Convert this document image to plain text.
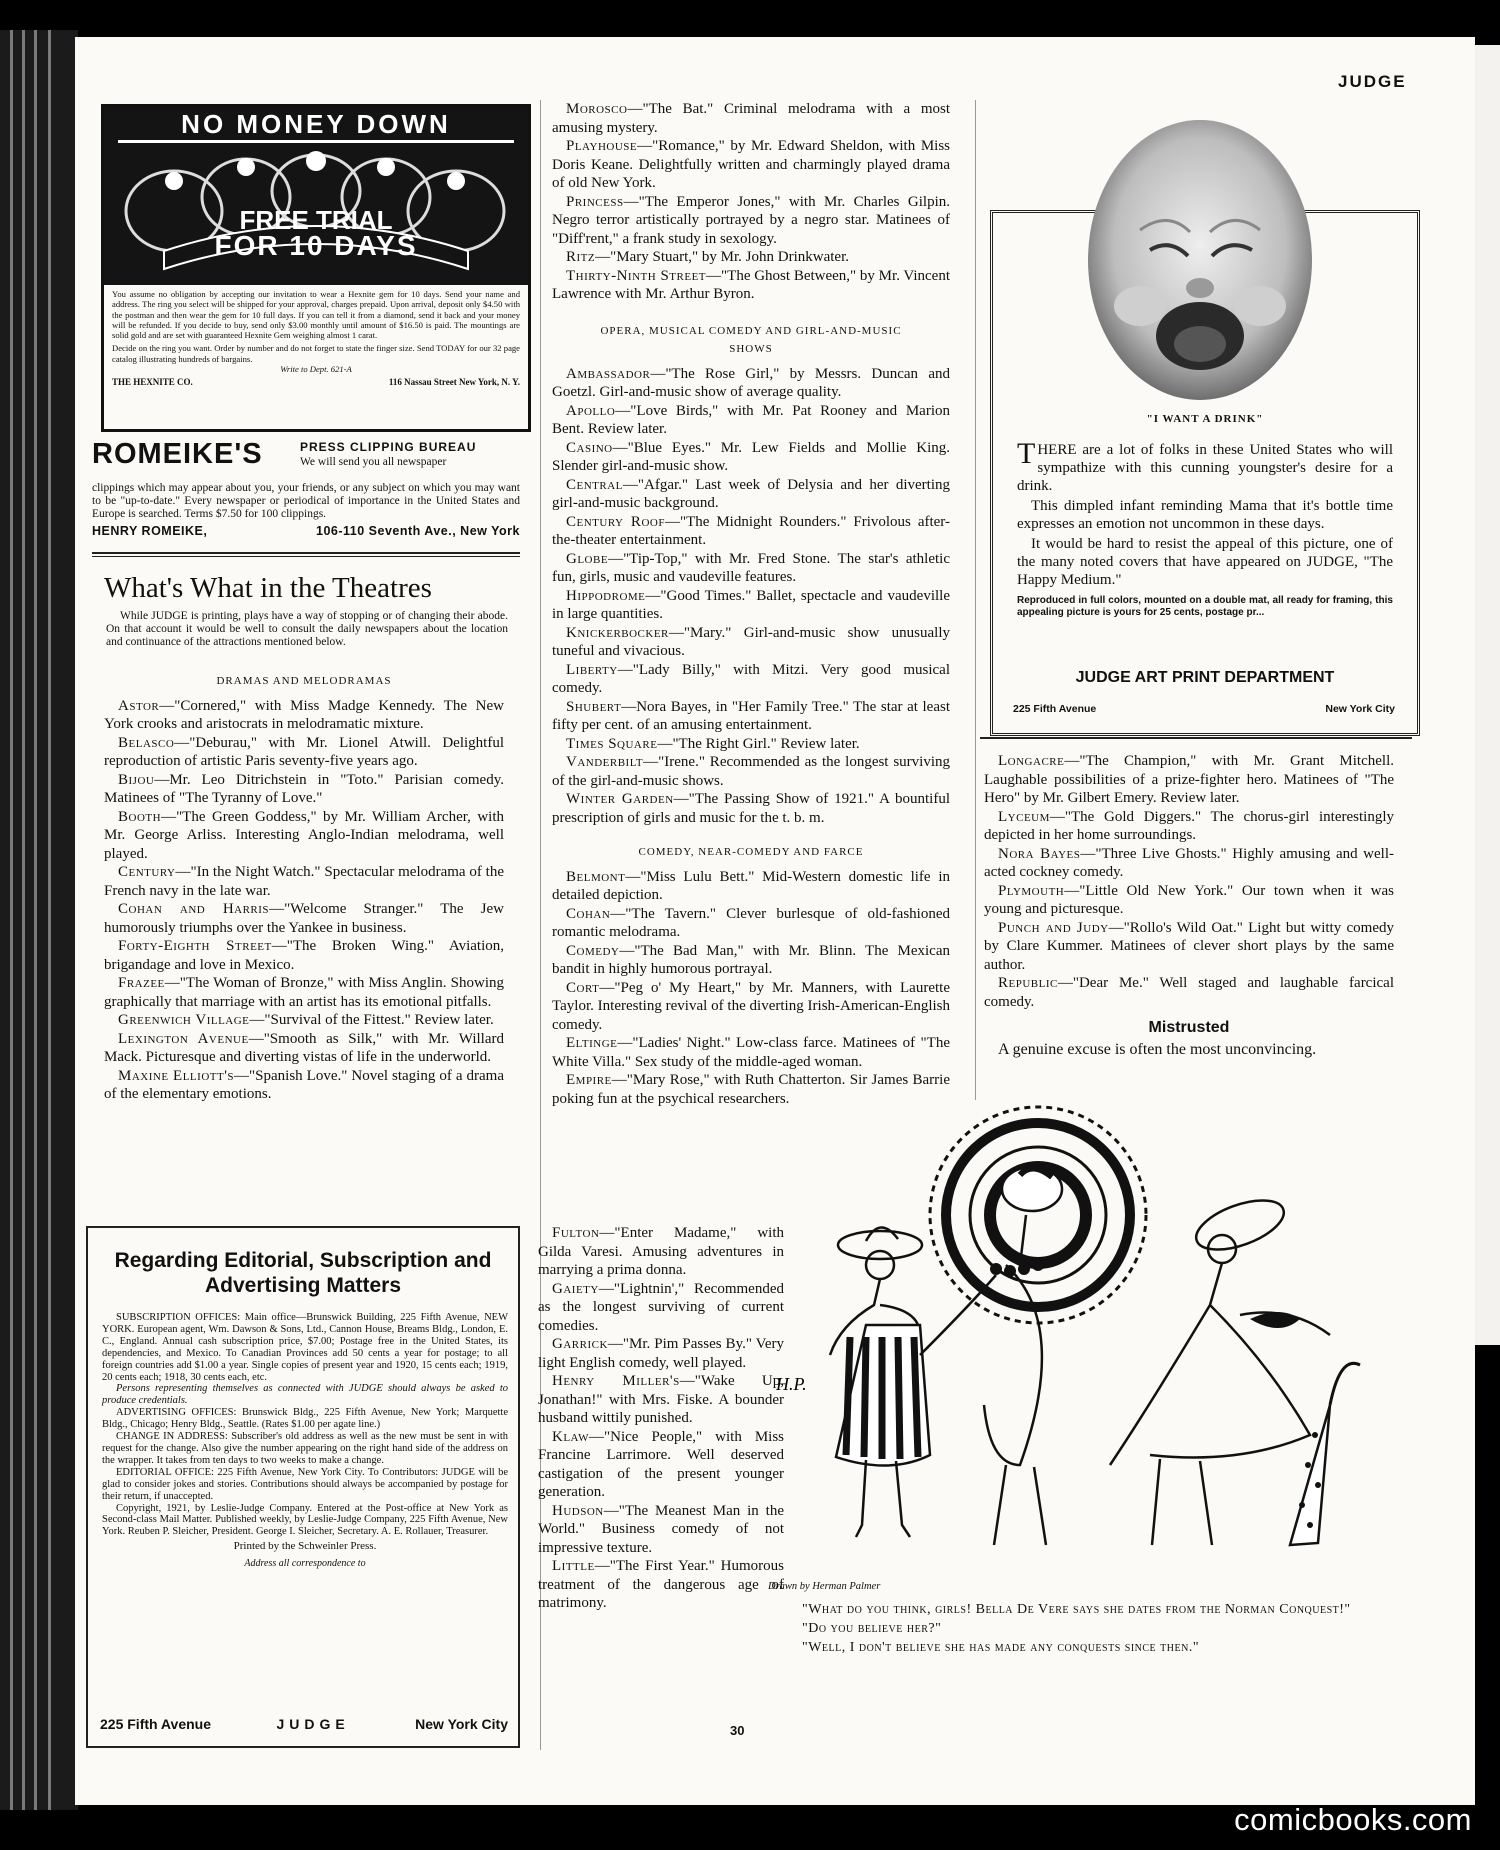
NO MONEY DOWN
FREE TRIAL
FOR 10 DAYS
You assume no obligation by accepting our invitation to wear a Hexnite gem for 10 days. Send your name and address. The ring you select will be shipped for your approval, charges prepaid. Upon arrival, deposit only $4.50 with the postman and then wear the gem for 10 full days. If you can tell it from a diamond, send it back and your money will be refunded. If you decide to buy, send only $3.00 monthly until amount of $16.50 is paid. The mountings are solid gold and are set with guaranteed Hexnite Gem weighing almost 1 carat.
Decide on the ring you want. Order by number and do not forget to state the finger size. Send TODAY for our 32 page catalog illustrating hundreds of bargains.
Write to Dept. 621-A
THE HEXNITE CO.	116 Nassau Street New York, N. Y.
ROMEIKE'S	PRESS CLIPPING BUREAU
We will send you all newspaper
clippings which may appear about you, your friends, or any subject on which you may want to be "up-to-date." Every newspaper or periodical of importance in the United States and Europe is searched. Terms $7.50 for 100 clippings.
HENRY ROMEIKE,	106-110 Seventh Ave., New York
What's What in the Theatres
While JUDGE is printing, plays have a way of stopping or of changing their abode. On that account it would be well to consult the daily newspapers about the location and continuance of the attractions mentioned below.
DRAMAS AND MELODRAMAS

Astor—"Cornered," with Miss Madge Kennedy. The New York crooks and aristocrats in melodramatic mixture.

Belasco—"Deburau," with Mr. Lionel Atwill. Delightful reproduction of artistic Paris seventy-five years ago.

Bijou—Mr. Leo Ditrichstein in "Toto." Parisian comedy. Matinees of "The Tyranny of Love."

Booth—"The Green Goddess," by Mr. William Archer, with Mr. George Arliss. Interesting Anglo-Indian melodrama, well played.

Century—"In the Night Watch." Spectacular melodrama of the French navy in the late war.

Cohan and Harris—"Welcome Stranger." The Jew humorously triumphs over the Yankee in business.

Forty-Eighth Street—"The Broken Wing." Aviation, brigandage and love in Mexico.

Frazee—"The Woman of Bronze," with Miss Anglin. Showing graphically that marriage with an artist has its emotional pitfalls.

Greenwich Village—"Survival of the Fittest." Review later.

Lexington Avenue—"Smooth as Silk," with Mr. Willard Mack. Picturesque and diverting vistas of life in the underworld.

Maxine Elliott's—"Spanish Love." Novel staging of a drama of the elementary emotions.

Regarding Editorial, Subscription and Advertising Matters
SUBSCRIPTION OFFICES: Main office—Brunswick Building, 225 Fifth Avenue, NEW YORK. European agent, Wm. Dawson & Sons, Ltd., Cannon House, Breams Bldg., London, E. C., England. Annual cash subscription price, $7.00; Postage free in the United States, its dependencies, and Mexico. To Canadian Provinces add 50 cents a year for postage; to all foreign countries add $1.00 a year. Single copies of present year and 1920, 15 cents each; 1919, 20 cents each; 1918, 30 cents each, etc.
Persons representing themselves as connected with JUDGE should always be asked to produce credentials.
ADVERTISING OFFICES: Brunswick Bldg., 225 Fifth Avenue, New York; Marquette Bldg., Chicago; Henry Bldg., Seattle. (Rates $1.00 per agate line.)
CHANGE IN ADDRESS: Subscriber's old address as well as the new must be sent in with request for the change. Also give the number appearing on the right hand side of the address on the wrapper. It takes from ten days to two weeks to make a change.
EDITORIAL OFFICE: 225 Fifth Avenue, New York City. To Contributors: JUDGE will be glad to consider jokes and stories. Contributions should always be accompanied by postage for their return, if unaccepted.
Copyright, 1921, by Leslie-Judge Company. Entered at the Post-office at New York as Second-class Mail Matter. Published weekly, by Leslie-Judge Company, 225 Fifth Avenue, New York. Reuben P. Sleicher, President. George I. Sleicher, Secretary. A. E. Rollauer, Treasurer.
Printed by the Schweinler Press.
Address all correspondence to
225 Fifth Avenue	JUDGE	New York City

Morosco—"The Bat." Criminal melodrama with a most amusing mystery.

Playhouse—"Romance," by Mr. Edward Sheldon, with Miss Doris Keane. Delightfully written and charmingly played drama of old New York.

Princess—"The Emperor Jones," with Mr. Charles Gilpin. Negro terror artistically portrayed by a negro star. Matinees of "Diff'rent," a frank study in sexology.

Ritz—"Mary Stuart," by Mr. John Drinkwater.

Thirty-Ninth Street—"The Ghost Between," by Mr. Vincent Lawrence with Mr. Arthur Byron.

OPERA, MUSICAL COMEDY AND GIRL-AND-MUSIC SHOWS

Ambassador—"The Rose Girl," by Messrs. Duncan and Goetzl. Girl-and-music show of average quality.

Apollo—"Love Birds," with Mr. Pat Rooney and Marion Bent. Review later.

Casino—"Blue Eyes." Mr. Lew Fields and Mollie King. Slender girl-and-music show.

Central—"Afgar." Last week of Delysia and her diverting girl-and-music background.

Century Roof—"The Midnight Rounders." Frivolous after-the-theater entertainment.

Globe—"Tip-Top," with Mr. Fred Stone. The star's athletic fun, girls, music and vaudeville features.

Hippodrome—"Good Times." Ballet, spectacle and vaudeville in large quantities.

Knickerbocker—"Mary." Girl-and-music show unusually tuneful and vivacious.

Liberty—"Lady Billy," with Mitzi. Very good musical comedy.

Shubert—Nora Bayes, in "Her Family Tree." The star at least fifty per cent. of an amusing entertainment.

Times Square—"The Right Girl." Review later.

Vanderbilt—"Irene." Recommended as the longest surviving of the girl-and-music shows.

Winter Garden—"The Passing Show of 1921." A bountiful prescription of girls and music for the t. b. m.

COMEDY, NEAR-COMEDY AND FARCE

Belmont—"Miss Lulu Bett." Mid-Western domestic life in detailed depiction.

Cohan—"The Tavern." Clever burlesque of old-fashioned romantic melodrama.

Comedy—"The Bad Man," with Mr. Blinn. The Mexican bandit in highly humorous portrayal.

Cort—"Peg o' My Heart," by Mr. Manners, with Laurette Taylor. Interesting revival of the diverting Irish-American-English comedy.

Eltinge—"Ladies' Night." Low-class farce. Matinees of "The White Villa." Sex study of the middle-aged woman.

Empire—"Mary Rose," with Ruth Chatterton. Sir James Barrie poking fun at the psychical researchers.

Fulton—"Enter Madame," with Gilda Varesi. Amusing adventures in marrying a prima donna.

Gaiety—"Lightnin'," Recommended as the longest surviving of current comedies.

Garrick—"Mr. Pim Passes By." Very light English comedy, well played.

Henry Miller's—"Wake Up, Jonathan!" with Mrs. Fiske. A bounder husband wittily punished.

Klaw—"Nice People," with Miss Francine Larrimore. Well deserved castigation of the present younger generation.

Hudson—"The Meanest Man in the World." Business comedy of not impressive texture.

Little—"The First Year." Humorous treatment of the dangerous age of matrimony.

JUDGE
"I WANT A DRINK"

THERE are a lot of folks in these United States who will sympathize with this cunning youngster's desire for a drink.

This dimpled infant reminding Mama that it's bottle time expresses an emotion not uncommon in these days.

It would be hard to resist the appeal of this picture, one of the many noted covers that have appeared on JUDGE, "The Happy Medium."

Reproduced in full colors, mounted on a double mat, all ready for framing, this appealing picture is yours for 25 cents, postage pr...
JUDGE ART PRINT DEPARTMENT
225 Fifth Avenue	New York City

Longacre—"The Champion," with Mr. Grant Mitchell. Laughable possibilities of a prize-fighter hero. Matinees of "The Hero" by Mr. Gilbert Emery. Review later.

Lyceum—"The Gold Diggers." The chorus-girl interestingly depicted in her home surroundings.

Nora Bayes—"Three Live Ghosts." Highly amusing and well-acted cockney comedy.

Plymouth—"Little Old New York." Our town when it was young and picturesque.

Punch and Judy—"Rollo's Wild Oat." Light but witty comedy by Clare Kummer. Matinees of clever short plays by the same author.

Republic—"Dear Me." Well staged and laughable farcical comedy.

Mistrusted

A genuine excuse is often the most unconvincing.

H.P.
Drawn by Herman Palmer

"What do you think, girls! Bella De Vere says she dates from the Norman Conquest!"

"Do you believe her?"

"Well, I don't believe she has made any conquests since then."

30
comicbooks.com
